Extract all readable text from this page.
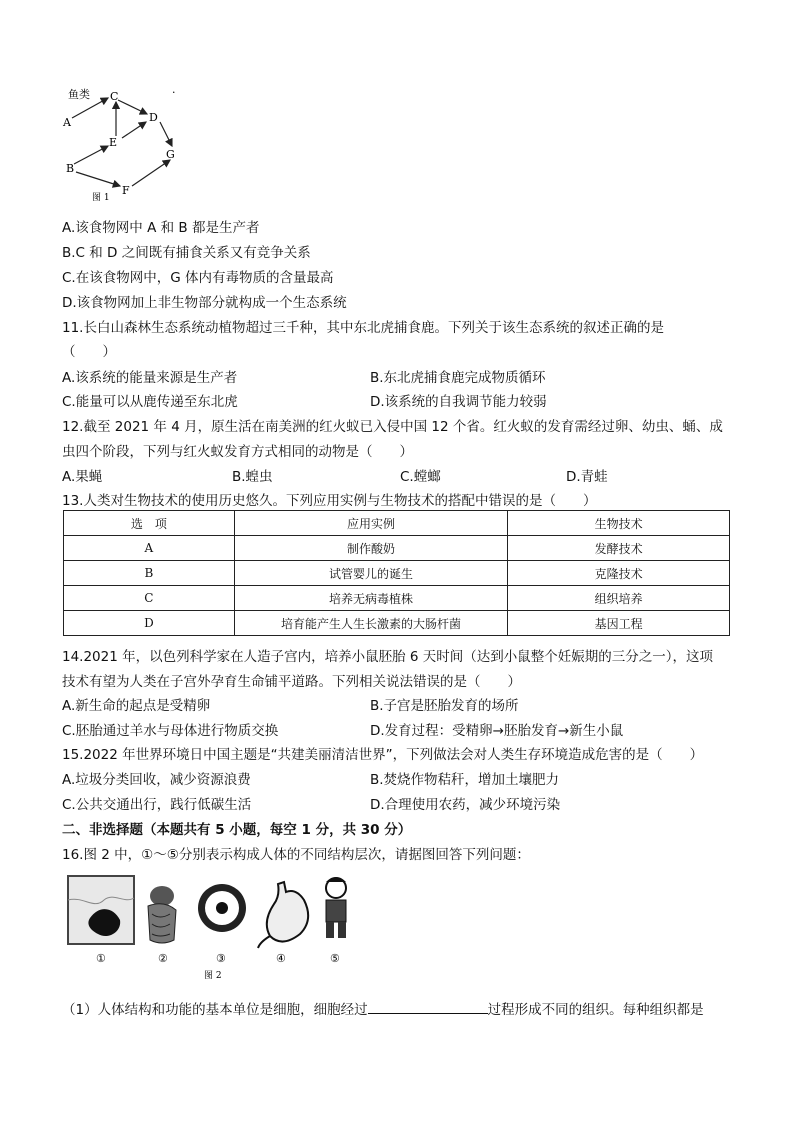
鱼类 C	·
A	D
E
G
B
F
图 1
A.该食物网中 A 和 B 都是生产者
B.C 和 D 之间既有捕食关系又有竞争关系
C.在该食物网中，G 体内有毒物质的含量最高
D.该食物网加上非生物部分就构成一个生态系统
11.长白山森林生态系统动植物超过三千种，其中东北虎捕食鹿。下列关于该生态系统的叙述正确的是
（　　）
A.该系统的能量来源是生产者	B.东北虎捕食鹿完成物质循环
C.能量可以从鹿传递至东北虎	D.该系统的自我调节能力较弱
12.截至 2021 年 4 月，原生活在南美洲的红火蚁已入侵中国 12 个省。红火蚁的发育需经过卵、幼虫、蛹、成
虫四个阶段，下列与红火蚁发育方式相同的动物是（　　）
A.果蝇	B.蝗虫	C.螳螂	D.青蛙
13.人类对生物技术的使用历史悠久。下列应用实例与生物技术的搭配中错误的是（　　）
选　项	应用实例	生物技术
A	制作酸奶	发酵技术
B	试管婴儿的诞生	克隆技术
C	培养无病毒植株	组织培养
D	培育能产生人生长激素的大肠杆菌	基因工程
14.2021 年，以色列科学家在人造子宫内，培养小鼠胚胎 6 天时间（达到小鼠整个妊娠期的三分之一），这项
技术有望为人类在子宫外孕育生命铺平道路。下列相关说法错误的是（　　）
A.新生命的起点是受精卵	B.子宫是胚胎发育的场所
C.胚胎通过羊水与母体进行物质交换	D.发育过程：受精卵→胚胎发育→新生小鼠
15.2022 年世界环境日中国主题是“共建美丽清洁世界”，下列做法会对人类生存环境造成危害的是（　　）
A.垃圾分类回收，减少资源浪费	B.焚烧作物秸秆，增加土壤肥力
C.公共交通出行，践行低碳生活	D.合理使用农药，减少环境污染
二、非选择题（本题共有 5 小题，每空 1 分，共 30 分）
16.图 2 中，①～⑤分别表示构成人体的不同结构层次，请据图回答下列问题：
①	②	③	④	⑤
图 2
（1）人体结构和功能的基本单位是细胞，细胞经过	过程形成不同的组织。每种组织都是
